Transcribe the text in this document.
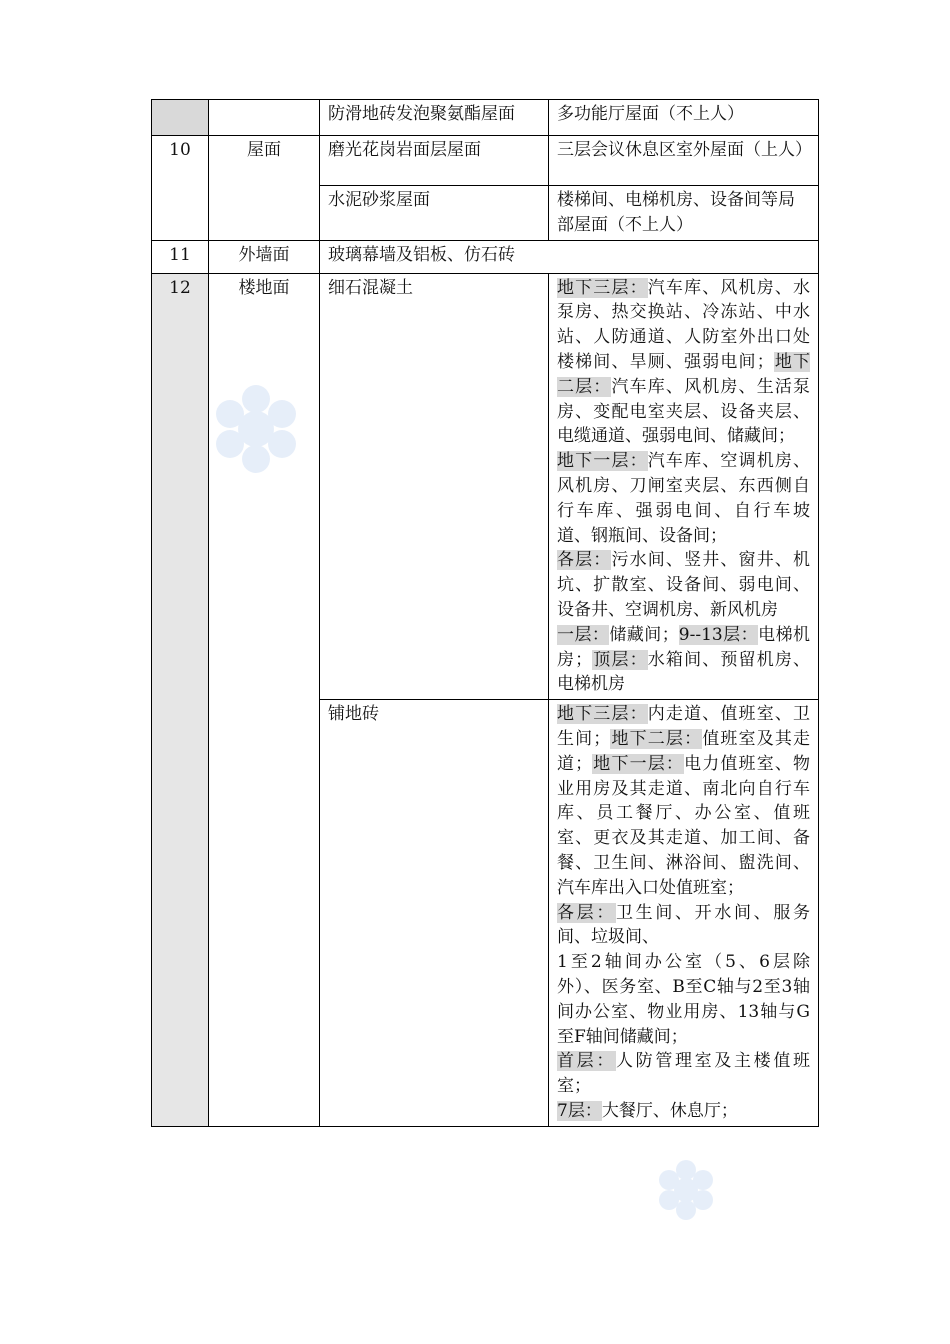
		防滑地砖发泡聚氨酯屋面	多功能厅屋面（不上人）
10	屋面	磨光花岗岩面层屋面	三层会议休息区室外屋面（上人）
		水泥砂浆屋面	楼梯间、电梯机房、设备间等局部屋面（不上人）
11	外墙面	玻璃幕墙及铝板、仿石砖	
12	楼地面	细石混凝土	地下三层：汽车库、风机房、水泵房、热交换站、冷冻站、中水站、人防通道、人防室外出口处楼梯间、旱厕、强弱电间；地下二层：汽车库、风机房、生活泵房、变配电室夹层、设备夹层、电缆通道、强弱电间、储藏间；
地下一层：汽车库、空调机房、风机房、刀闸室夹层、东西侧自行车库、强弱电间、自行车坡道、钢瓶间、设备间；
各层：污水间、竖井、窗井、机坑、扩散室、设备间、弱电间、设备井、空调机房、新风机房
一层：储藏间；9--13层：电梯机房；顶层：水箱间、预留机房、电梯机房
		铺地砖	地下三层：内走道、值班室、卫生间；地下二层：值班室及其走道；地下一层：电力值班室、物业用房及其走道、南北向自行车库、员工餐厅、办公室、值班室、更衣及其走道、加工间、备餐、卫生间、淋浴间、盥洗间、汽车库出入口处值班室；
各层：卫生间、开水间、服务间、垃圾间、
1至2轴间办公室（5、6层除外）、医务室、B至C轴与2至3轴间办公室、物业用房、13轴与G至F轴间储藏间；
首层：人防管理室及主楼值班室；
7层：大餐厅、休息厅；
